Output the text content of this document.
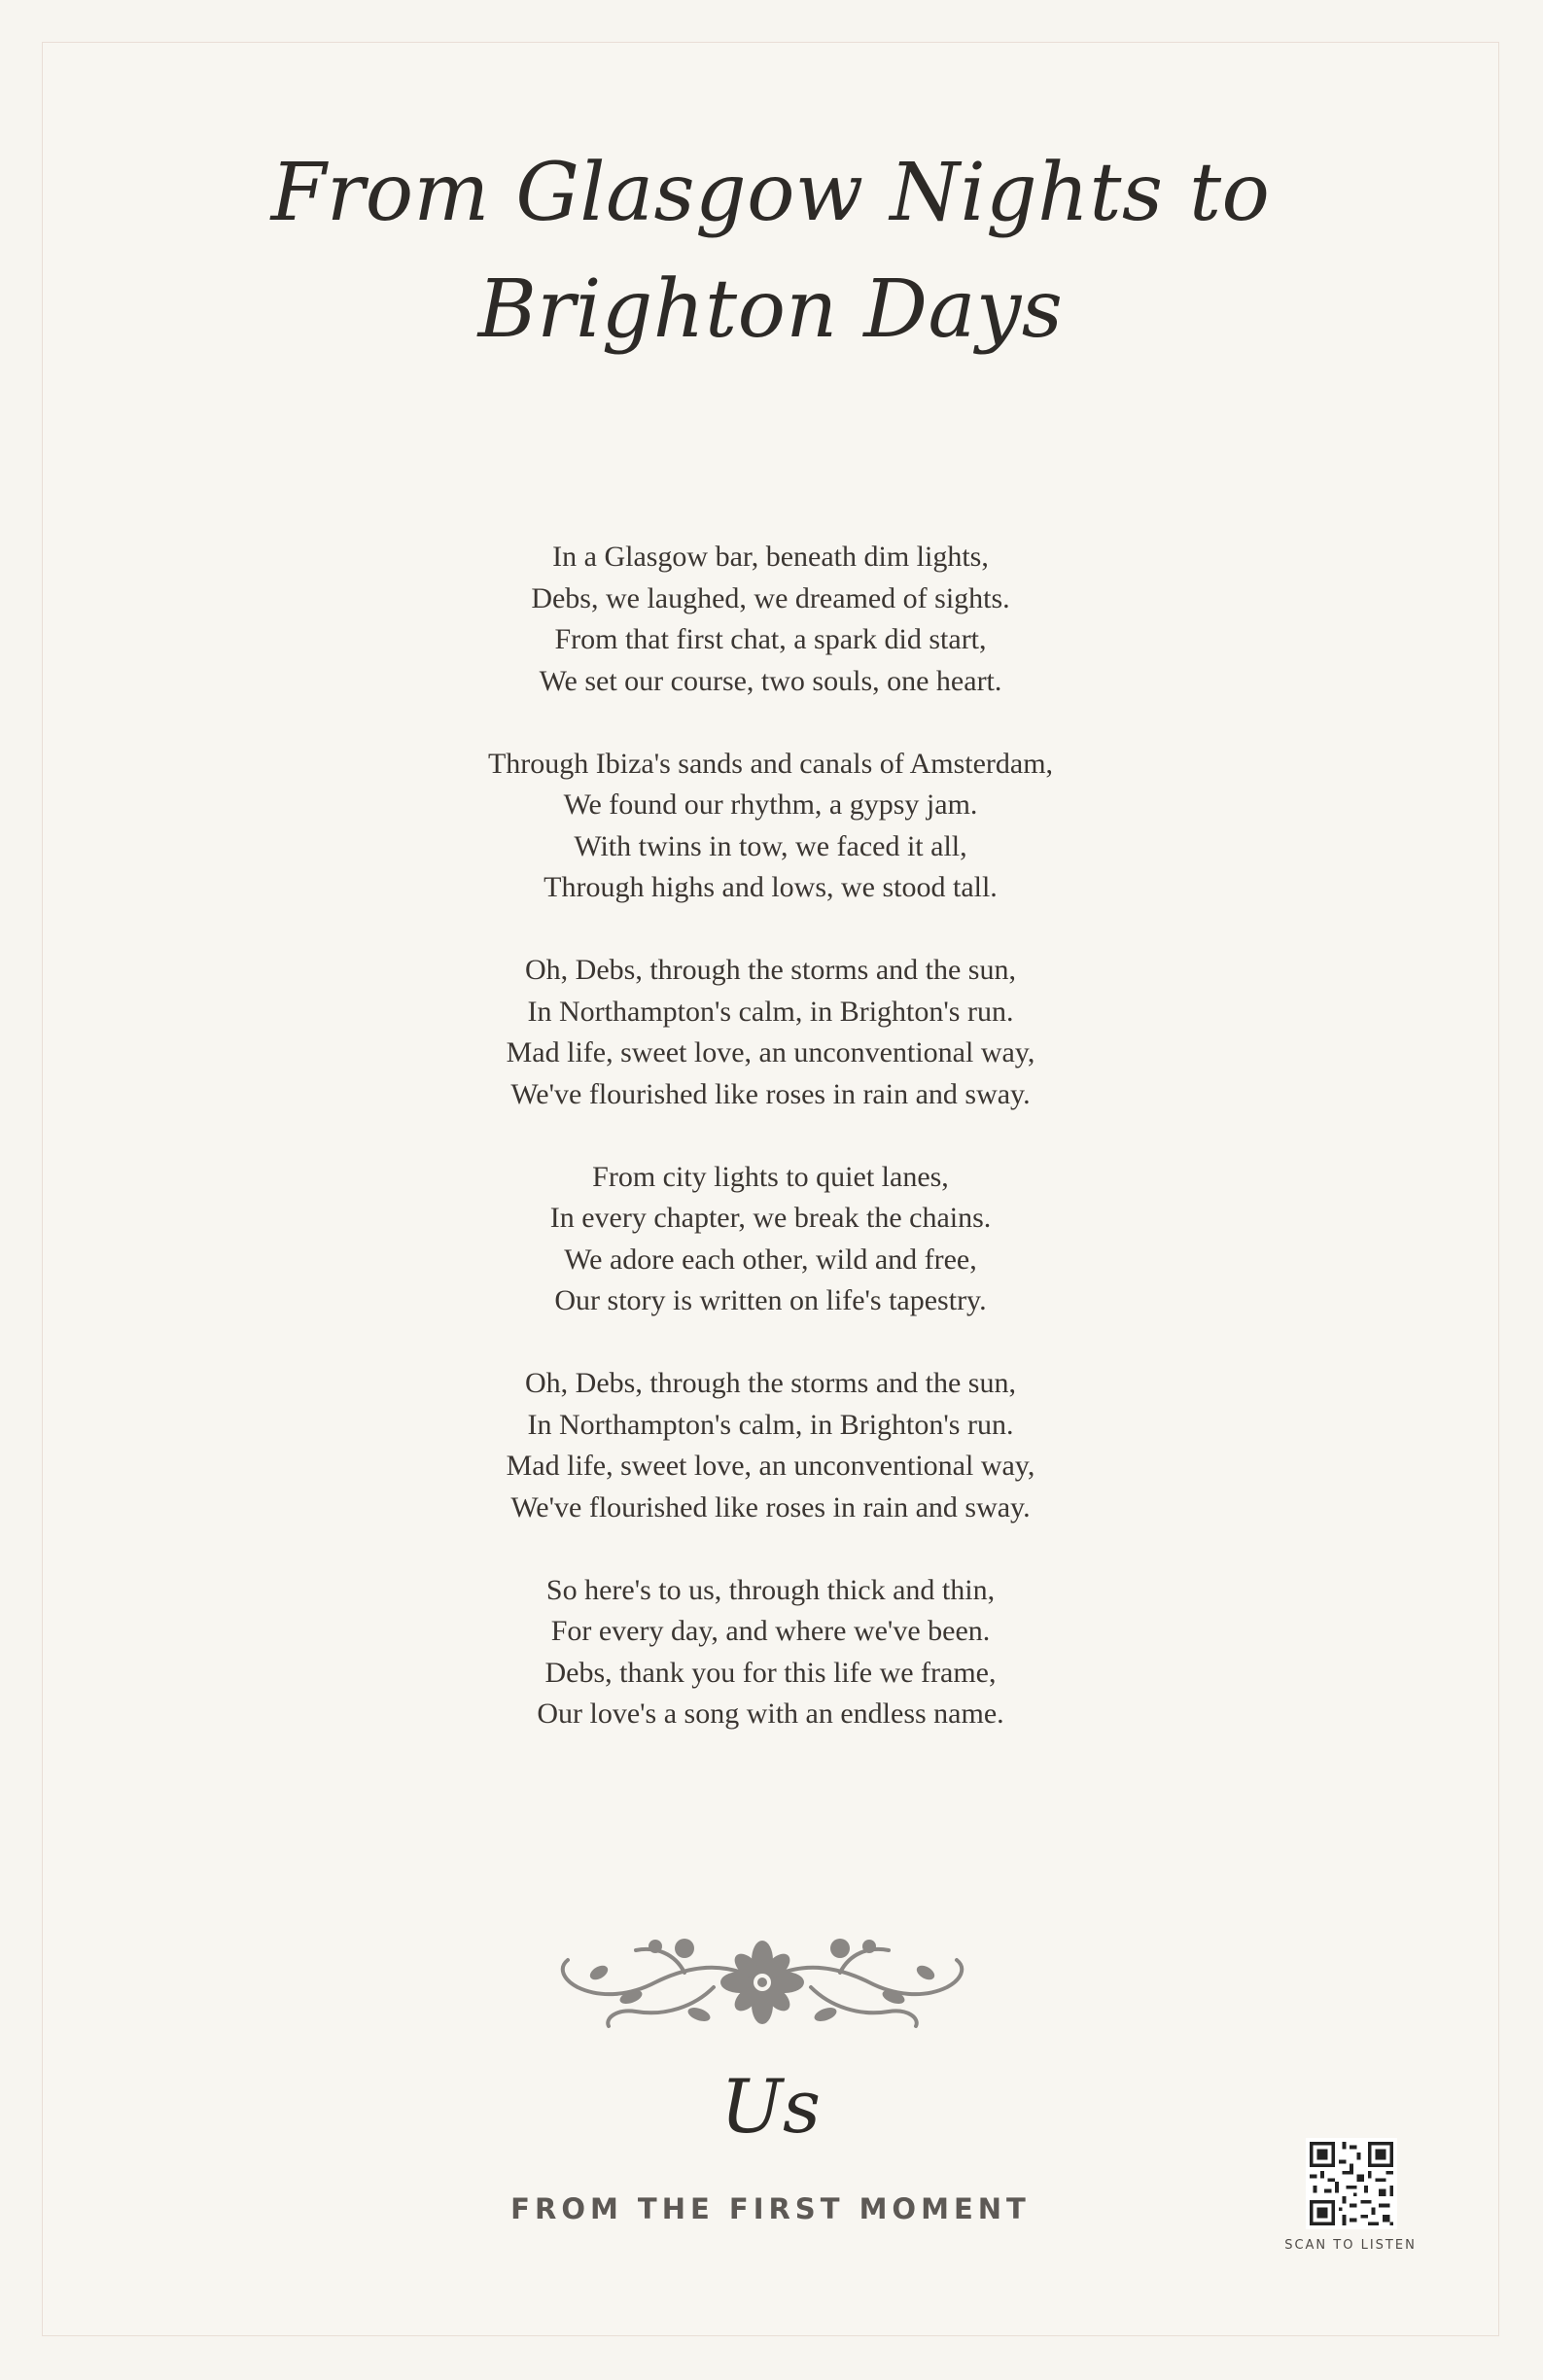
From Glasgow Nights to
Brighton Days
In a Glasgow bar, beneath dim lights,
Debs, we laughed, we dreamed of sights.
From that first chat, a spark did start,
We set our course, two souls, one heart.
Through Ibiza's sands and canals of Amsterdam,
We found our rhythm, a gypsy jam.
With twins in tow, we faced it all,
Through highs and lows, we stood tall.
Oh, Debs, through the storms and the sun,
In Northampton's calm, in Brighton's run.
Mad life, sweet love, an unconventional way,
We've flourished like roses in rain and sway.
From city lights to quiet lanes,
In every chapter, we break the chains.
We adore each other, wild and free,
Our story is written on life's tapestry.
Oh, Debs, through the storms and the sun,
In Northampton's calm, in Brighton's run.
Mad life, sweet love, an unconventional way,
We've flourished like roses in rain and sway.
So here's to us, through thick and thin,
For every day, and where we've been.
Debs, thank you for this life we frame,
Our love's a song with an endless name.
Us
FROM THE FIRST MOMENT
SCAN TO LISTEN
